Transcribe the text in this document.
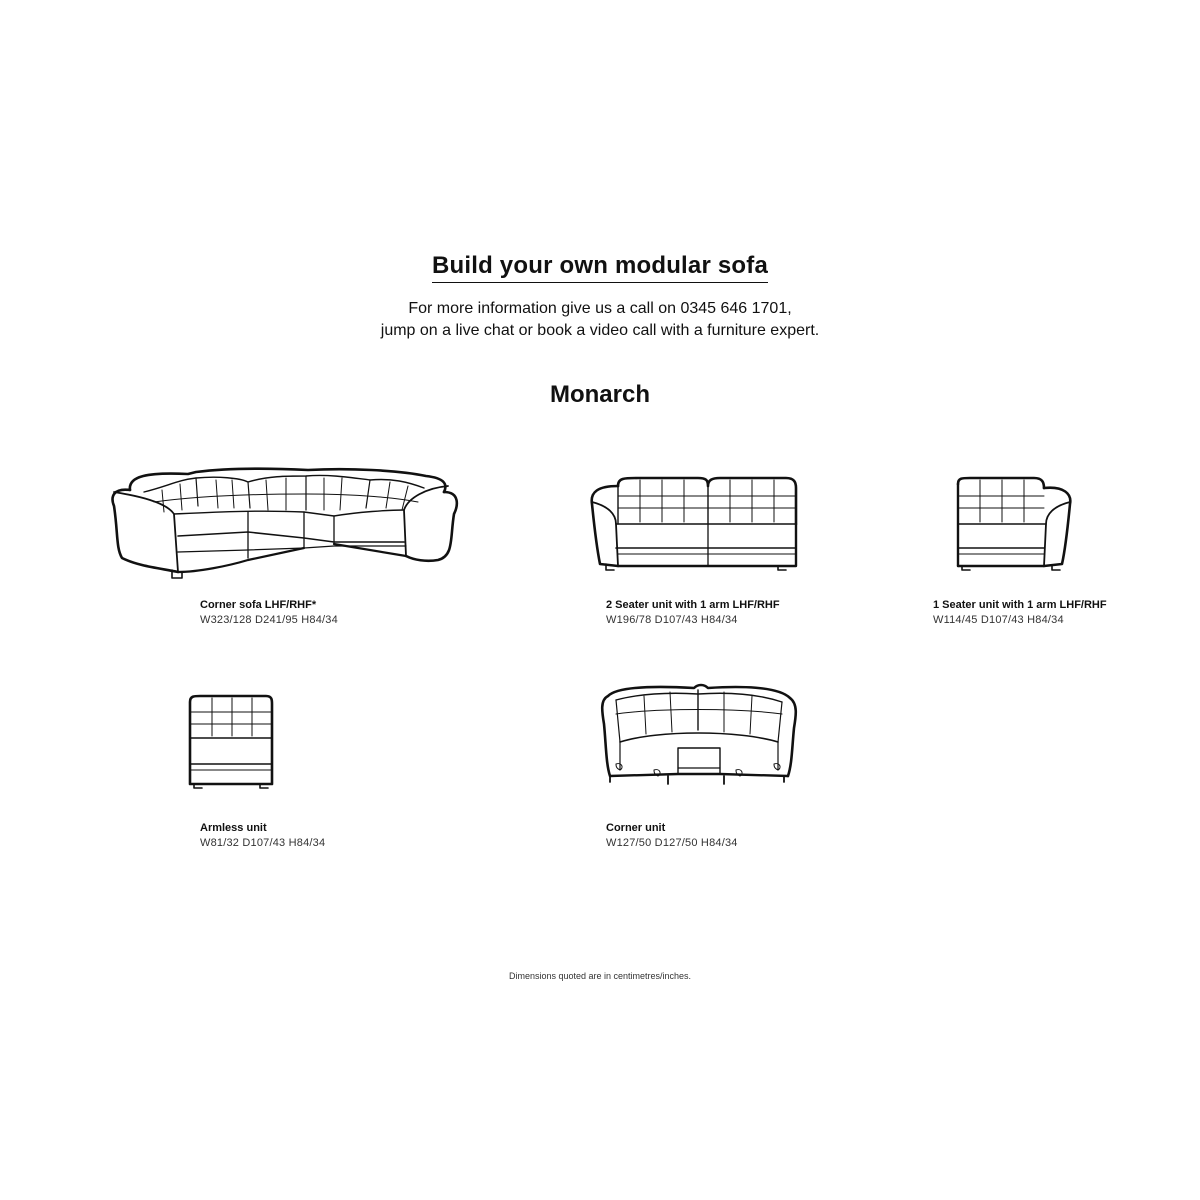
Build your own modular sofa
For more information give us a call on 0345 646 1701,
jump on a live chat or book a video call with a furniture expert.
Monarch
Corner sofa LHF/RHF*
W323/128 D241/95 H84/34
2 Seater unit with 1 arm LHF/RHF
W196/78 D107/43 H84/34
1 Seater unit with 1 arm LHF/RHF
W114/45 D107/43 H84/34
Armless unit
W81/32 D107/43 H84/34
Corner unit
W127/50 D127/50 H84/34
Dimensions quoted are in centimetres/inches.
